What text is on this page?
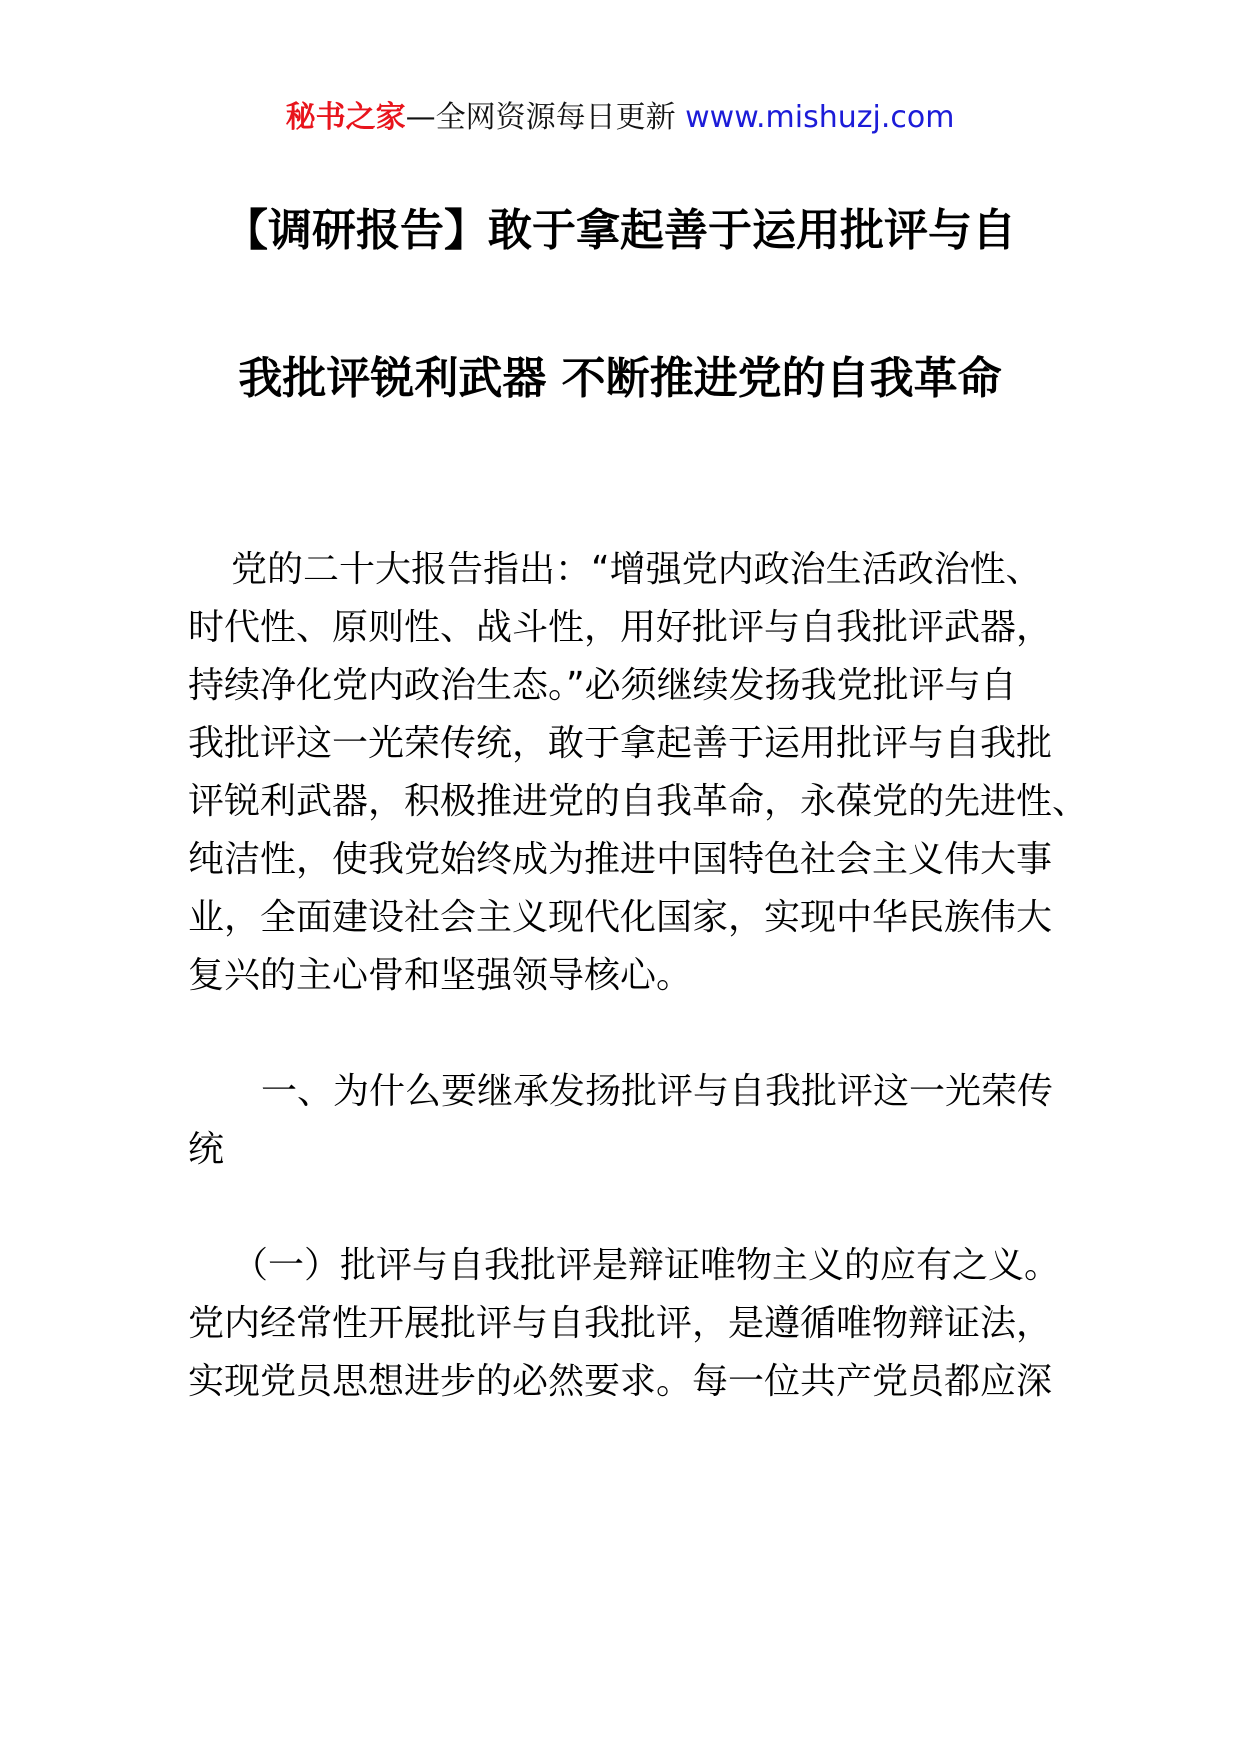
秘书之家—全网资源每日更新 www.mishuzj.com
【调研报告】敢于拿起善于运用批评与自
我批评锐利武器 不断推进党的自我革命
党的二十大报告指出：“增强党内政治生活政治性、
时代性、原则性、战斗性，用好批评与自我批评武器，
持续净化党内政治生态。”必须继续发扬我党批评与自
我批评这一光荣传统，敢于拿起善于运用批评与自我批
评锐利武器，积极推进党的自我革命，永葆党的先进性、
纯洁性，使我党始终成为推进中国特色社会主义伟大事
业，全面建设社会主义现代化国家，实现中华民族伟大
复兴的主心骨和坚强领导核心。
一、为什么要继承发扬批评与自我批评这一光荣传
统
（一）批评与自我批评是辩证唯物主义的应有之义。
党内经常性开展批评与自我批评，是遵循唯物辩证法，
实现党员思想进步的必然要求。每一位共产党员都应深
